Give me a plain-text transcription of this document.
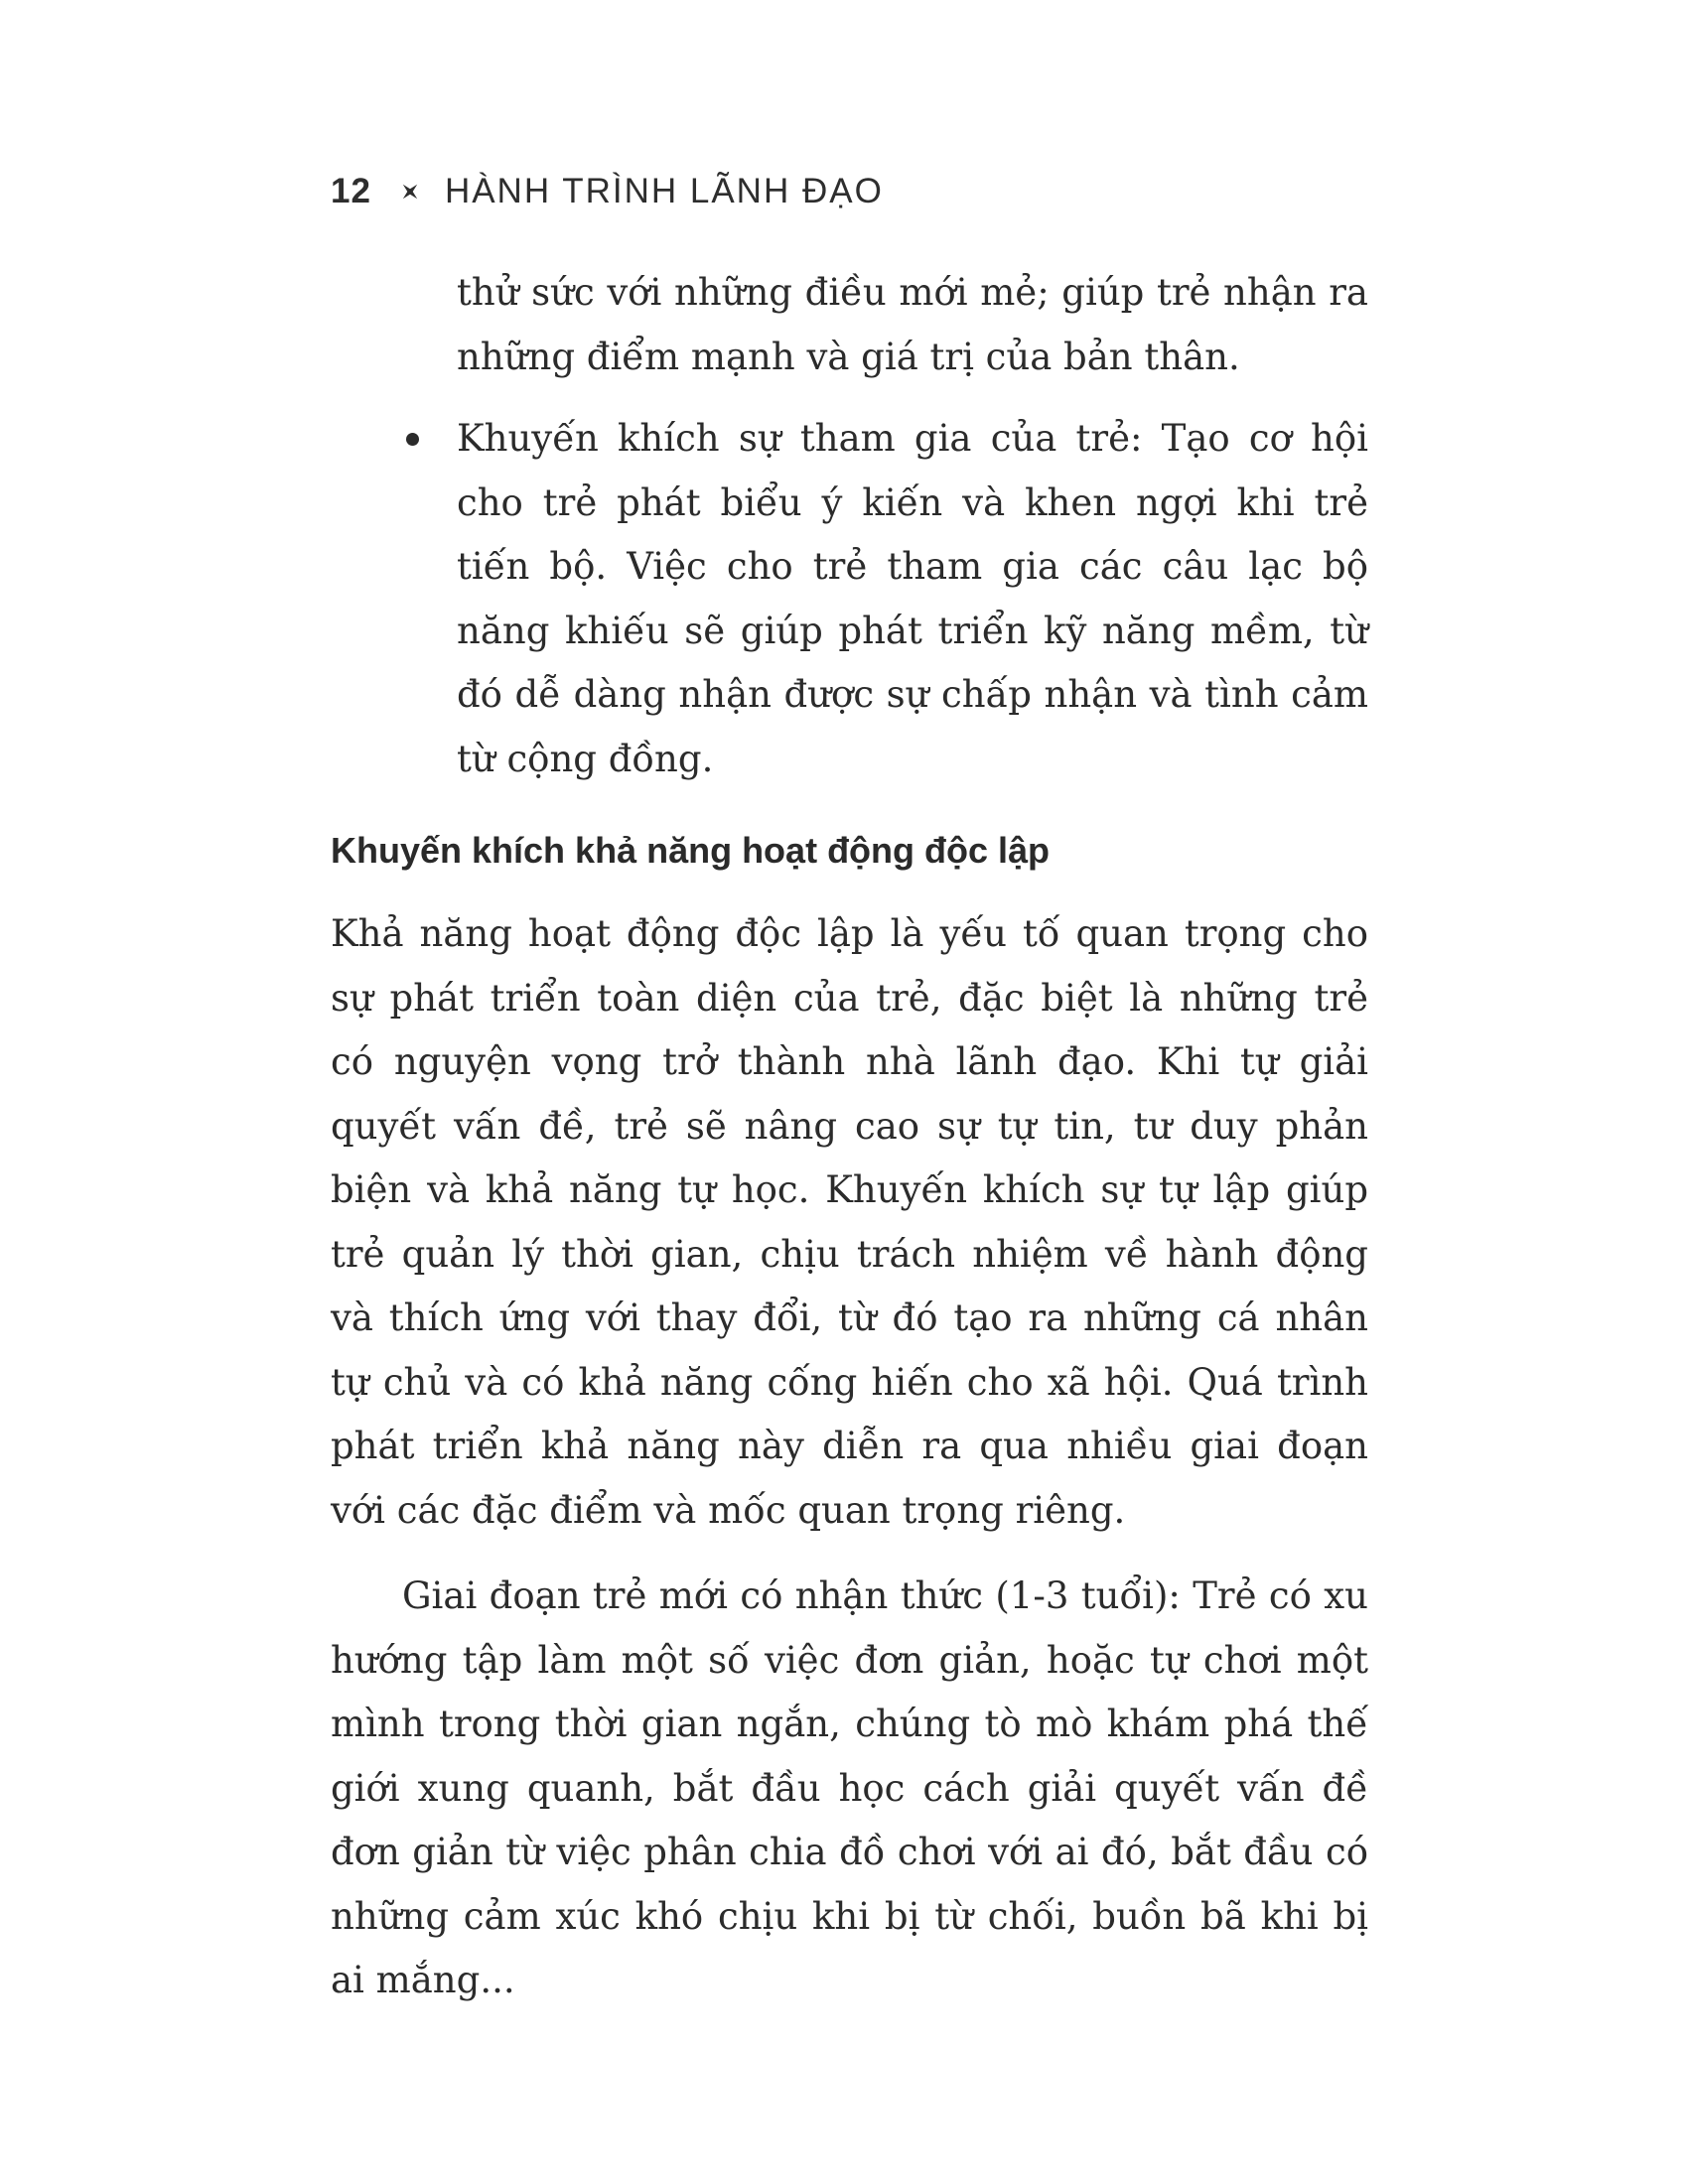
12 HÀNH TRÌNH LÃNH ĐẠO

thử sức với những điều mới mẻ; giúp trẻ nhận ra những điểm mạnh và giá trị của bản thân.

Khuyến khích sự tham gia của trẻ: Tạo cơ hội cho trẻ phát biểu ý kiến và khen ngợi khi trẻ tiến bộ. Việc cho trẻ tham gia các câu lạc bộ năng khiếu sẽ giúp phát triển kỹ năng mềm, từ đó dễ dàng nhận được sự chấp nhận và tình cảm từ cộng đồng.

Khuyến khích khả năng hoạt động độc lập

Khả năng hoạt động độc lập là yếu tố quan trọng cho sự phát triển toàn diện của trẻ, đặc biệt là những trẻ có nguyện vọng trở thành nhà lãnh đạo. Khi tự giải quyết vấn đề, trẻ sẽ nâng cao sự tự tin, tư duy phản biện và khả năng tự học. Khuyến khích sự tự lập giúp trẻ quản lý thời gian, chịu trách nhiệm về hành động và thích ứng với thay đổi, từ đó tạo ra những cá nhân tự chủ và có khả năng cống hiến cho xã hội. Quá trình phát triển khả năng này diễn ra qua nhiều giai đoạn với các đặc điểm và mốc quan trọng riêng.

Giai đoạn trẻ mới có nhận thức (1-3 tuổi): Trẻ có xu hướng tập làm một số việc đơn giản, hoặc tự chơi một mình trong thời gian ngắn, chúng tò mò khám phá thế giới xung quanh, bắt đầu học cách giải quyết vấn đề đơn giản từ việc phân chia đồ chơi với ai đó, bắt đầu có những cảm xúc khó chịu khi bị từ chối, buồn bã khi bị ai mắng...
